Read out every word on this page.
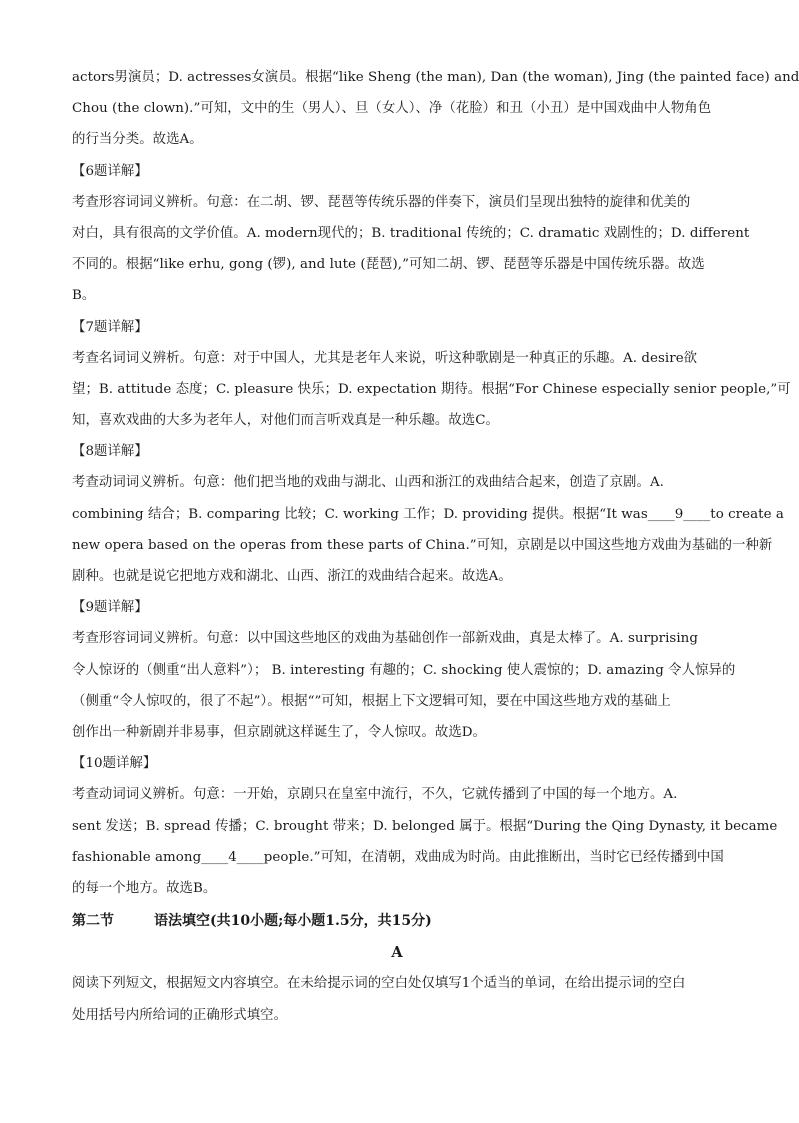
actors男演员；D. actresses女演员。根据“like Sheng (the man), Dan (the woman), Jing (the painted face) and
Chou (the clown).”可知，文中的生（男人）、旦（女人）、净（花脸）和丑（小丑）是中国戏曲中人物角色
的行当分类。故选A。
【6题详解】
考查形容词词义辨析。句意：在二胡、锣、琵琶等传统乐器的伴奏下，演员们呈现出独特的旋律和优美的
对白，具有很高的文学价值。A. modern现代的；B. traditional 传统的；C. dramatic 戏剧性的；D. different
不同的。根据“like erhu, gong (锣), and lute (琵琶),”可知二胡、锣、琵琶等乐器是中国传统乐器。故选
B。
【7题详解】
考查名词词义辨析。句意：对于中国人，尤其是老年人来说，听这种歌剧是一种真正的乐趣。A. desire欲
望；B. attitude 态度；C. pleasure 快乐；D. expectation 期待。根据“For Chinese especially senior people,”可
知，喜欢戏曲的大多为老年人，对他们而言听戏真是一种乐趣。故选C。
【8题详解】
考查动词词义辨析。句意：他们把当地的戏曲与湖北、山西和浙江的戏曲结合起来，创造了京剧。A.
combining 结合；B. comparing 比较；C. working 工作；D. providing 提供。根据“It was____9____to create a
new opera based on the operas from these parts of China.”可知，京剧是以中国这些地方戏曲为基础的一种新
剧种。也就是说它把地方戏和湖北、山西、浙江的戏曲结合起来。故选A。
【9题详解】
考查形容词词义辨析。句意：以中国这些地区的戏曲为基础创作一部新戏曲，真是太棒了。A. surprising
令人惊讶的（侧重“出人意料”）； B. interesting 有趣的；C. shocking 使人震惊的；D. amazing 令人惊异的
（侧重“令人惊叹的，很了不起”）。根据“”可知，根据上下文逻辑可知，要在中国这些地方戏的基础上
创作出一种新剧并非易事，但京剧就这样诞生了，令人惊叹。故选D。
【10题详解】
考查动词词义辨析。句意：一开始，京剧只在皇室中流行，不久，它就传播到了中国的每一个地方。A.
sent 发送；B. spread 传播；C. brought 带来；D. belonged 属于。根据“During the Qing Dynasty, it became
fashionable among____4____people.”可知，在清朝，戏曲成为时尚。由此推断出，当时它已经传播到中国
的每一个地方。故选B。
第二节	语法填空(共10小题;每小题1.5分，共15分)
A
阅读下列短文，根据短文内容填空。在未给提示词的空白处仅填写1个适当的单词，在给出提示词的空白
处用括号内所给词的正确形式填空。
